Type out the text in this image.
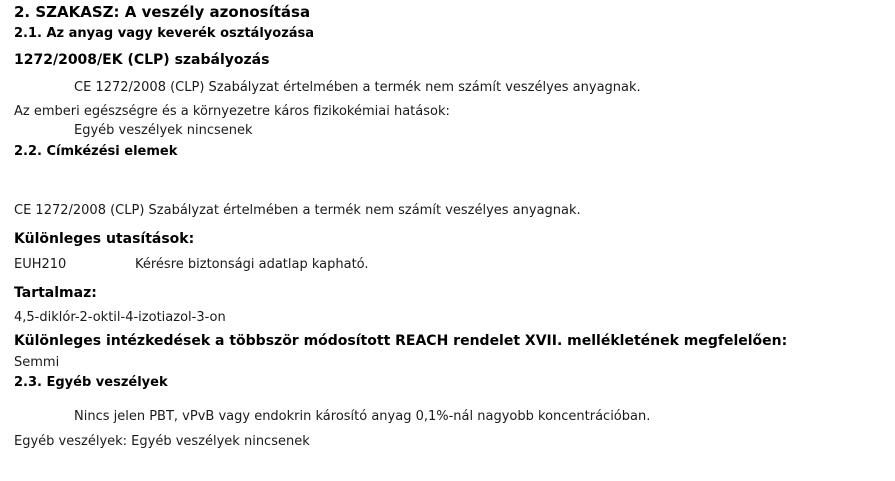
2. SZAKASZ: A veszély azonosítása
2.1. Az anyag vagy keverék osztályozása
1272/2008/EK (CLP) szabályozás
CE 1272/2008 (CLP) Szabályzat értelmében a termék nem számít veszélyes anyagnak.
Az emberi egészségre és a környezetre káros fizikokémiai hatások:
Egyéb veszélyek nincsenek
2.2. Címkézési elemek
CE 1272/2008 (CLP) Szabályzat értelmében a termék nem számít veszélyes anyagnak.
Különleges utasítások:
EUH210	Kérésre biztonsági adatlap kapható.
Tartalmaz:
4,5-diklór-2-oktil-4-izotiazol-3-on
Különleges intézkedések a többször módosított REACH rendelet XVII. mellékletének megfelelően:
Semmi
2.3. Egyéb veszélyek
Nincs jelen PBT, vPvB vagy endokrin károsító anyag 0,1%-nál nagyobb koncentrációban.
Egyéb veszélyek: Egyéb veszélyek nincsenek
